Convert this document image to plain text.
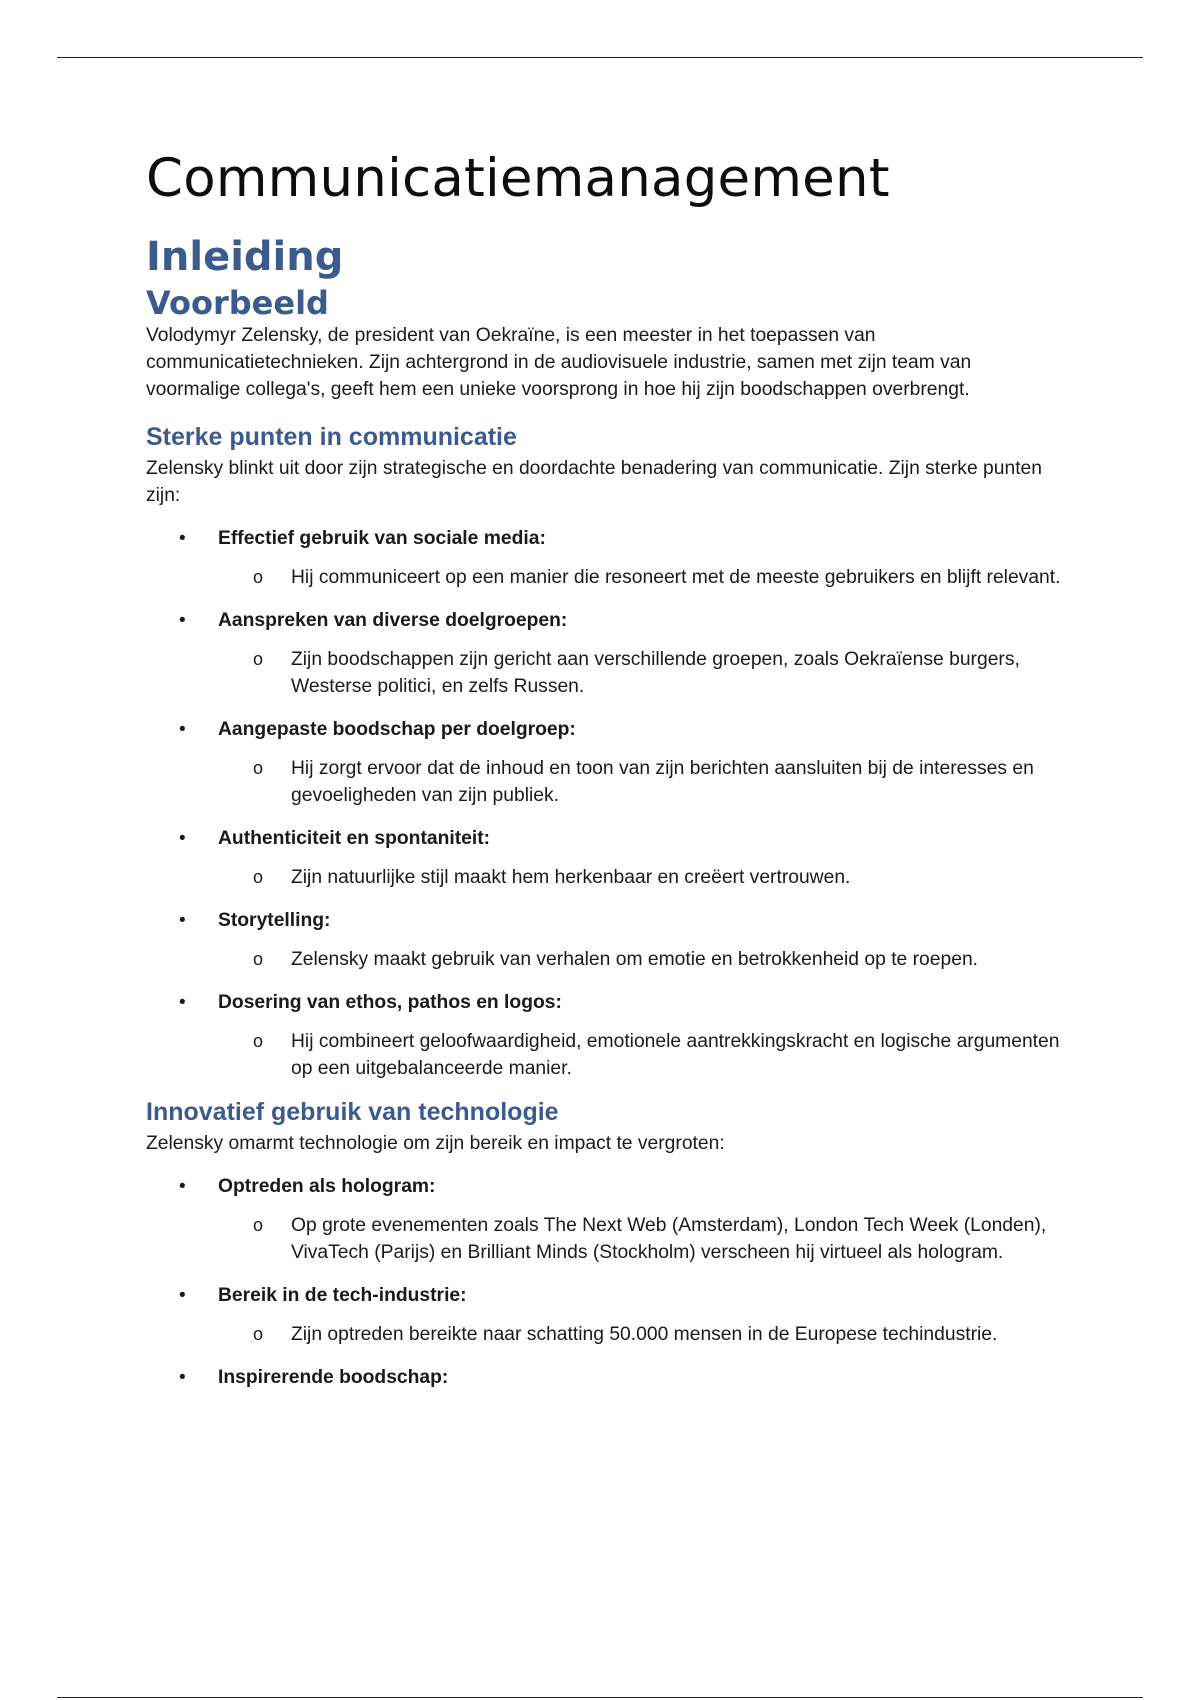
Communicatiemanagement
Inleiding
Voorbeeld

Volodymyr Zelensky, de president van Oekraïne, is een meester in het toepassen van communicatietechnieken. Zijn achtergrond in de audiovisuele industrie, samen met zijn team van voormalige collega's, geeft hem een unieke voorsprong in hoe hij zijn boodschappen overbrengt.

Sterke punten in communicatie

Zelensky blinkt uit door zijn strategische en doordachte benadering van communicatie. Zijn sterke punten zijn:

• Effectief gebruik van sociale media:
o Hij communiceert op een manier die resoneert met de meeste gebruikers en blijft relevant.
• Aanspreken van diverse doelgroepen:
o Zijn boodschappen zijn gericht aan verschillende groepen, zoals Oekraïense burgers, Westerse politici, en zelfs Russen.
• Aangepaste boodschap per doelgroep:
o Hij zorgt ervoor dat de inhoud en toon van zijn berichten aansluiten bij de interesses en gevoeligheden van zijn publiek.
• Authenticiteit en spontaniteit:
o Zijn natuurlijke stijl maakt hem herkenbaar en creëert vertrouwen.
• Storytelling:
o Zelensky maakt gebruik van verhalen om emotie en betrokkenheid op te roepen.
• Dosering van ethos, pathos en logos:
o Hij combineert geloofwaardigheid, emotionele aantrekkingskracht en logische argumenten op een uitgebalanceerde manier.
Innovatief gebruik van technologie

Zelensky omarmt technologie om zijn bereik en impact te vergroten:

• Optreden als hologram:
o Op grote evenementen zoals The Next Web (Amsterdam), London Tech Week (Londen), VivaTech (Parijs) en Brilliant Minds (Stockholm) verscheen hij virtueel als hologram.
• Bereik in de tech-industrie:
o Zijn optreden bereikte naar schatting 50.000 mensen in de Europese techindustrie.
• Inspirerende boodschap:
